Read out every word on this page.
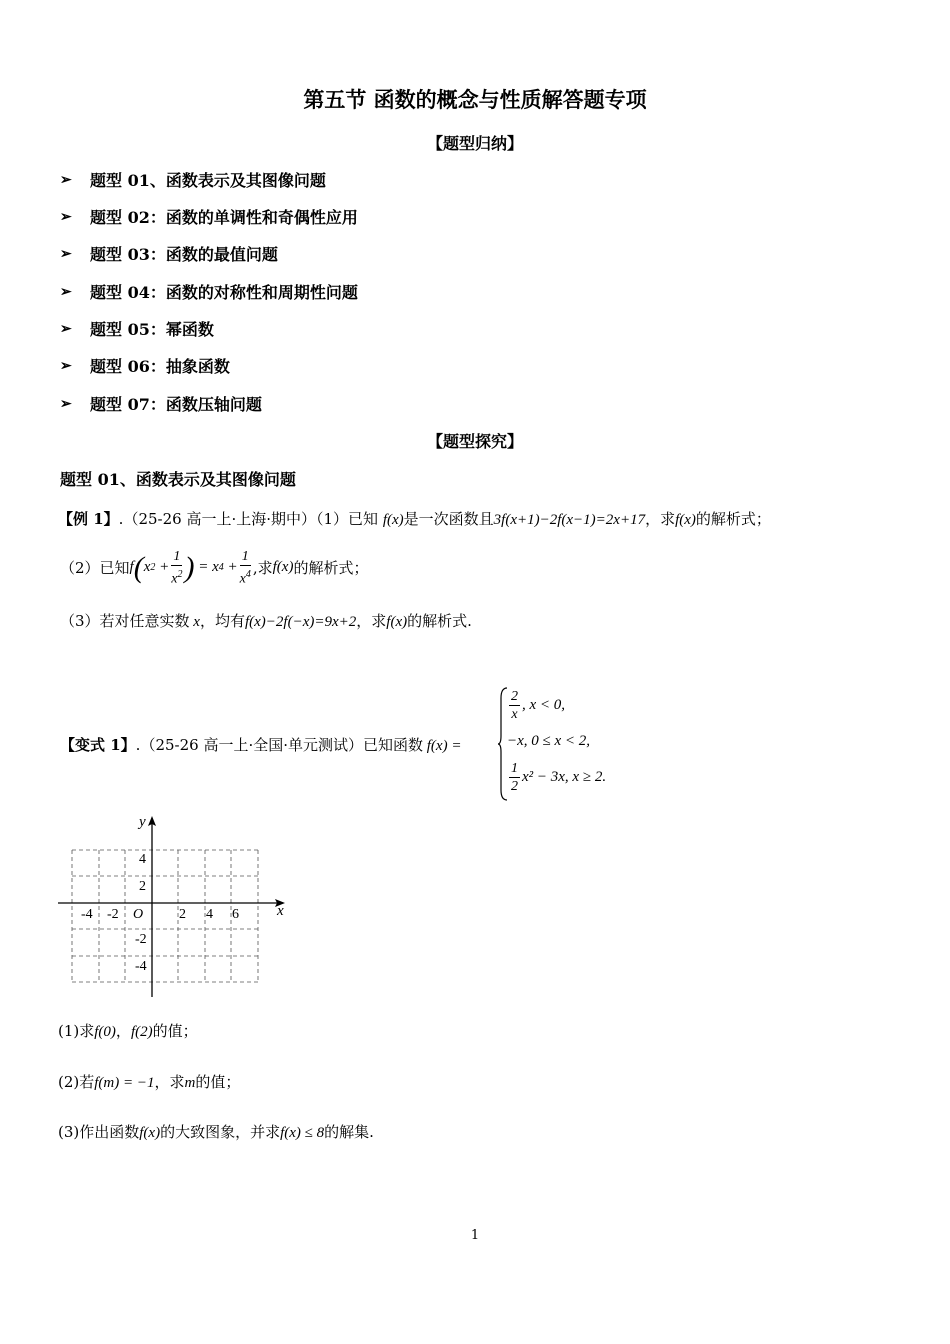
第五节 函数的概念与性质解答题专项
【题型归纳】
➢	题型 01、函数表示及其图像问题
➢	题型 02：函数的单调性和奇偶性应用
➢	题型 03：函数的最值问题
➢	题型 04：函数的对称性和周期性问题
➢	题型 05：幂函数
➢	题型 06：抽象函数
➢	题型 07：函数压轴问题
【题型探究】
题型 01、函数表示及其图像问题
【例 1】.（25-26 高一上·上海·期中）（1）已知 f(x)是一次函数且3f(x+1)−2f(x−1)=2x+17，求f(x)的解析式；
（2）已知 f ( x $2 + \frac{1}{x^2}$ ) = x $4 + \frac{1}{x^4}$ ,求 f(x) 的解析式；
（3）若对任意实数 x，均有f(x)−2f(−x)=9x+2，求f(x)的解析式.
【变式 1】.（25-26 高一上·全国·单元测试）已知函数 f(x) =
$\frac{2}{x}$ , x < 0,
−x, 0 ≤ x < 2,
$\frac{1}{2} x^2 - 3x$, x ≥ 2.
y
x
O
-4 -2	2 4 6
4
2
-2
-4
(1)求f(0)，f(2)的值；
(2)若f(m) = −1，求m的值；
(3)作出函数f(x)的大致图象，并求f(x) ≤ 8的解集.
1
